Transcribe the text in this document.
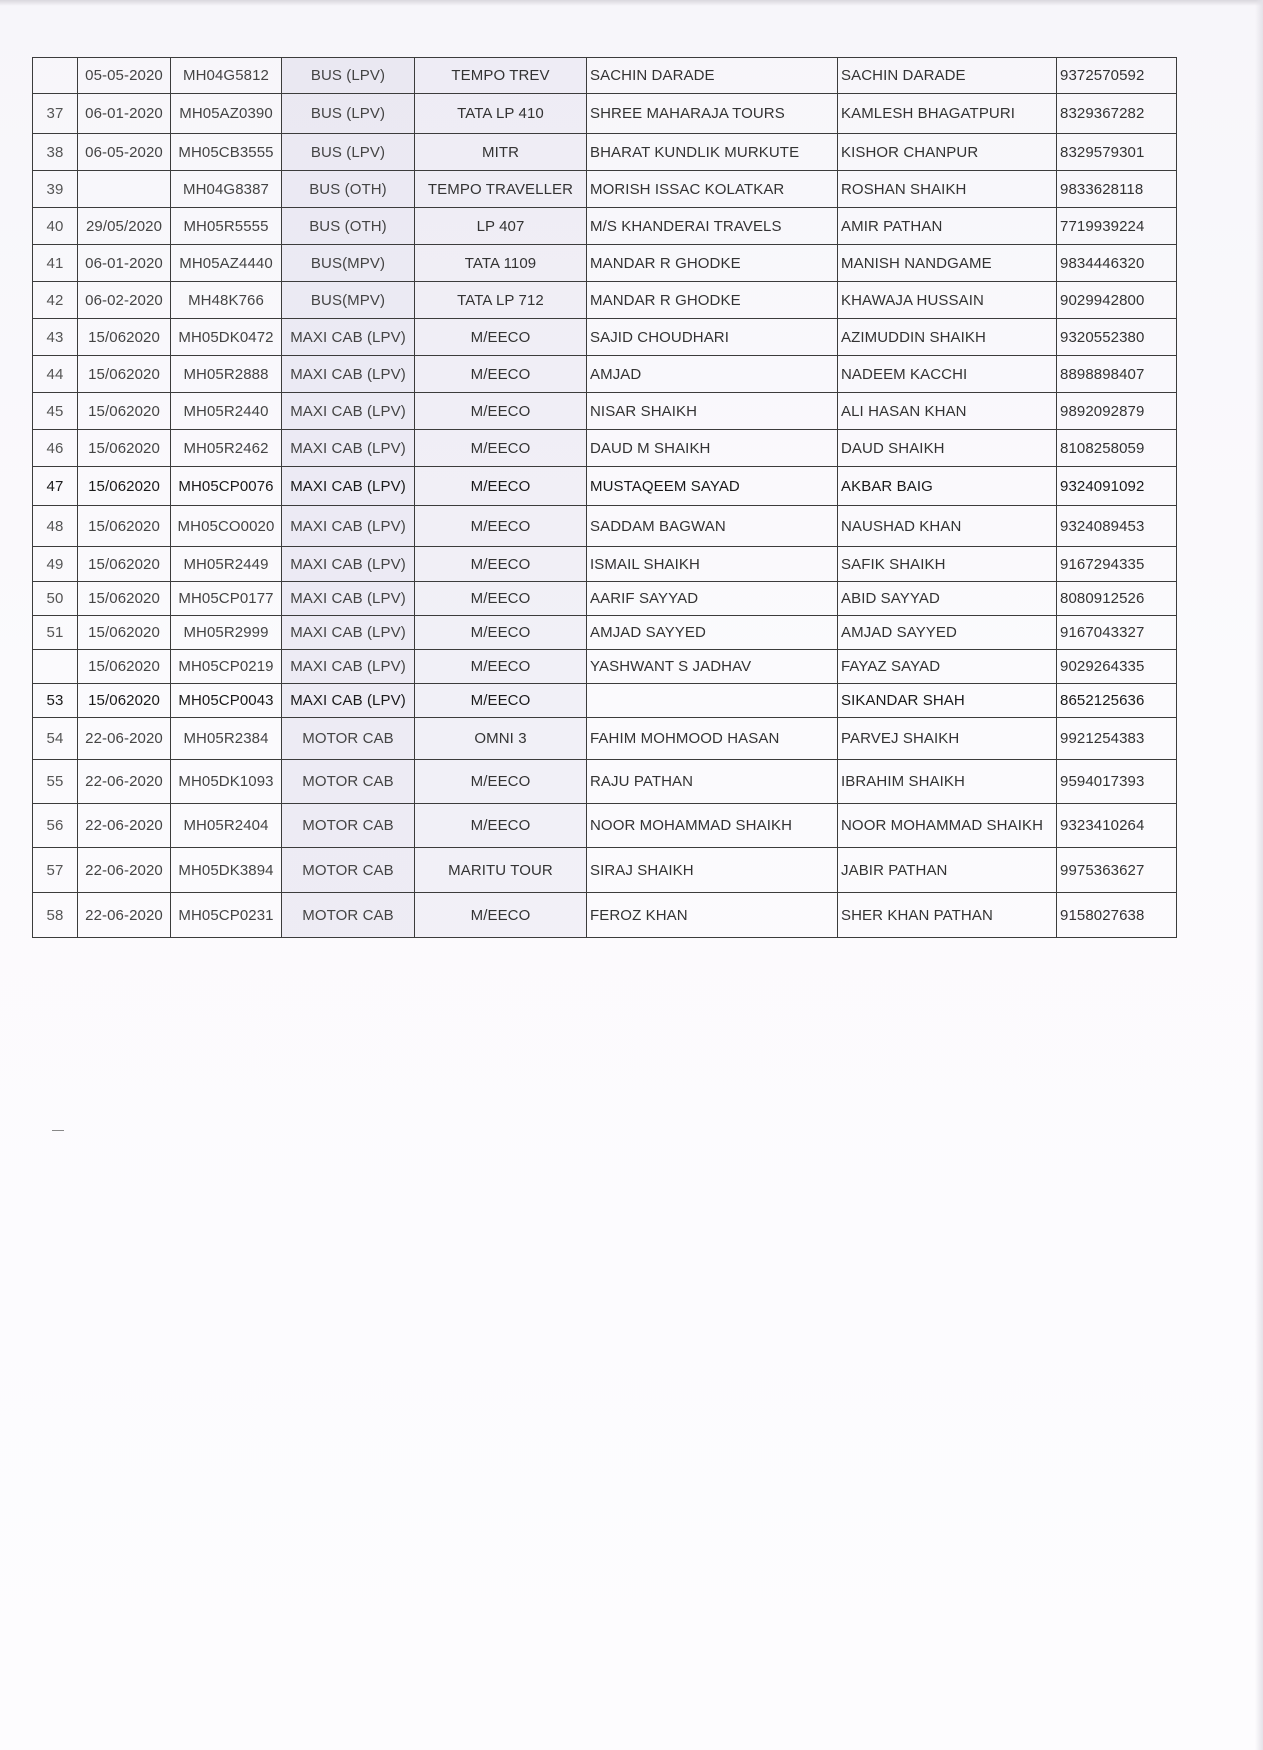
	05-05-2020	MH04G5812	BUS (LPV)	TEMPO TREV	SACHIN DARADE	SACHIN DARADE	9372570592
37	06-01-2020	MH05AZ0390	BUS (LPV)	TATA LP 410	SHREE MAHARAJA TOURS	KAMLESH BHAGATPURI	8329367282
38	06-05-2020	MH05CB3555	BUS (LPV)	MITR	BHARAT KUNDLIK MURKUTE	KISHOR CHANPUR	8329579301
39		MH04G8387	BUS (OTH)	TEMPO TRAVELLER	MORISH ISSAC KOLATKAR	ROSHAN SHAIKH	9833628118
40	29/05/2020	MH05R5555	BUS (OTH)	LP 407	M/S KHANDERAI TRAVELS	AMIR PATHAN	7719939224
41	06-01-2020	MH05AZ4440	BUS(MPV)	TATA 1109	MANDAR R GHODKE	MANISH NANDGAME	9834446320
42	06-02-2020	MH48K766	BUS(MPV)	TATA LP 712	MANDAR R GHODKE	KHAWAJA HUSSAIN	9029942800
43	15/062020	MH05DK0472	MAXI CAB (LPV)	M/EECO	SAJID CHOUDHARI	AZIMUDDIN SHAIKH	9320552380
44	15/062020	MH05R2888	MAXI CAB (LPV)	M/EECO	AMJAD	NADEEM KACCHI	8898898407
45	15/062020	MH05R2440	MAXI CAB (LPV)	M/EECO	NISAR SHAIKH	ALI HASAN KHAN	9892092879
46	15/062020	MH05R2462	MAXI CAB (LPV)	M/EECO	DAUD M SHAIKH	DAUD SHAIKH	8108258059
47	15/062020	MH05CP0076	MAXI CAB (LPV)	M/EECO	MUSTAQEEM SAYAD	AKBAR BAIG	9324091092
48	15/062020	MH05CO0020	MAXI CAB (LPV)	M/EECO	SADDAM BAGWAN	NAUSHAD KHAN	9324089453
49	15/062020	MH05R2449	MAXI CAB (LPV)	M/EECO	ISMAIL SHAIKH	SAFIK SHAIKH	9167294335
50	15/062020	MH05CP0177	MAXI CAB (LPV)	M/EECO	AARIF SAYYAD	ABID SAYYAD	8080912526
51	15/062020	MH05R2999	MAXI CAB (LPV)	M/EECO	AMJAD SAYYED	AMJAD SAYYED	9167043327
	15/062020	MH05CP0219	MAXI CAB (LPV)	M/EECO	YASHWANT S JADHAV	FAYAZ SAYAD	9029264335
53	15/062020	MH05CP0043	MAXI CAB (LPV)	M/EECO		SIKANDAR SHAH	8652125636
54	22-06-2020	MH05R2384	MOTOR CAB	OMNI 3	FAHIM MOHMOOD HASAN	PARVEJ SHAIKH	9921254383
55	22-06-2020	MH05DK1093	MOTOR CAB	M/EECO	RAJU PATHAN	IBRAHIM SHAIKH	9594017393
56	22-06-2020	MH05R2404	MOTOR CAB	M/EECO	NOOR MOHAMMAD SHAIKH	NOOR MOHAMMAD SHAIKH	9323410264
57	22-06-2020	MH05DK3894	MOTOR CAB	MARITU TOUR	SIRAJ SHAIKH	JABIR PATHAN	9975363627
58	22-06-2020	MH05CP0231	MOTOR CAB	M/EECO	FEROZ KHAN	SHER KHAN PATHAN	9158027638
